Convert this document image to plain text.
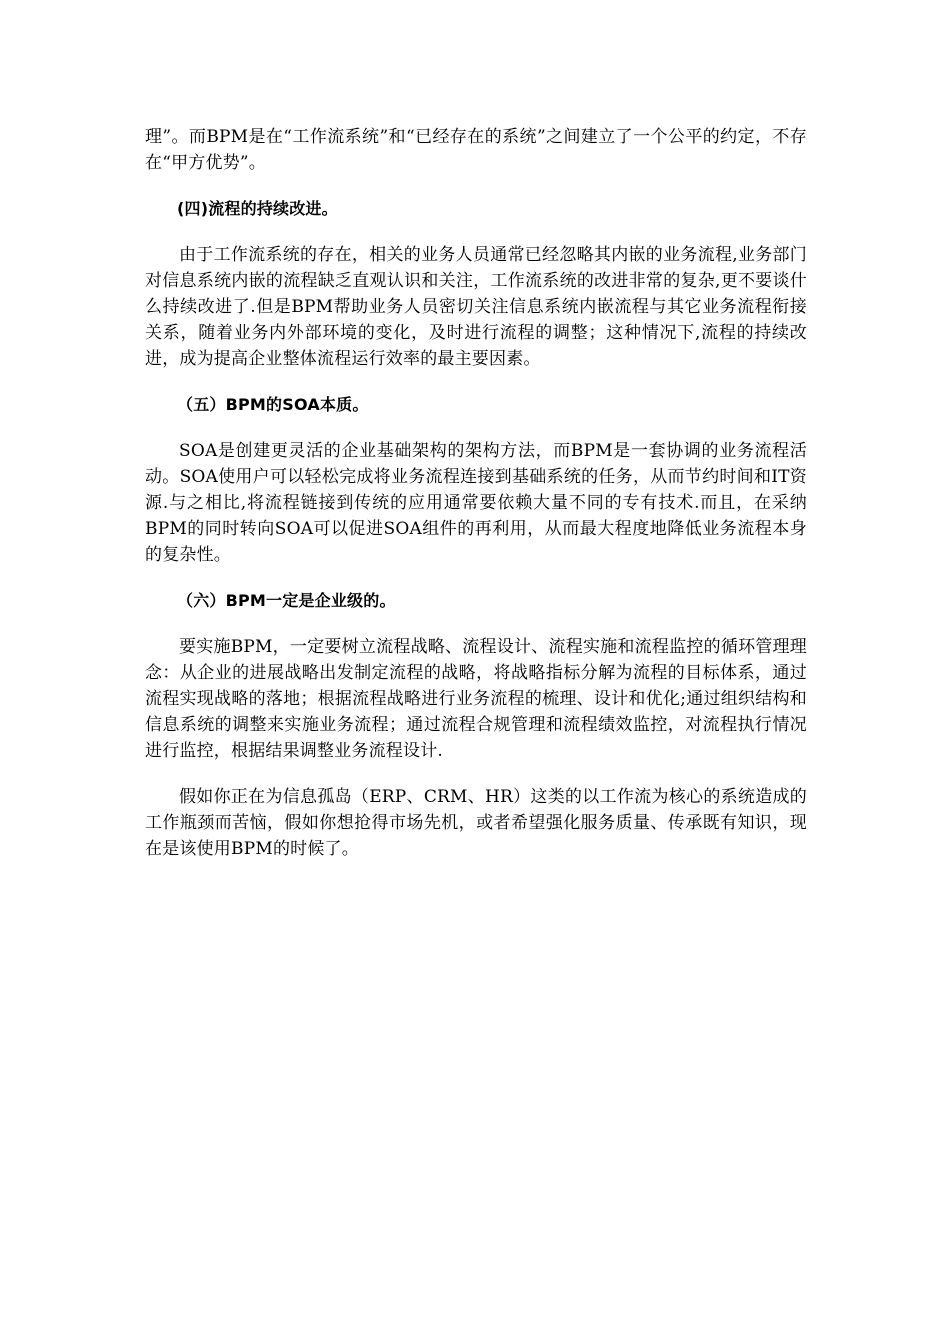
理”。而BPM是在“工作流系统”和“已经存在的系统”之间建立了一个公平的约定，不存在“甲方优势”。

(四)流程的持续改进。

由于工作流系统的存在，相关的业务人员通常已经忽略其内嵌的业务流程,业务部门对信息系统内嵌的流程缺乏直观认识和关注，工作流系统的改进非常的复杂,更不要谈什么持续改进了.但是BPM帮助业务人员密切关注信息系统内嵌流程与其它业务流程衔接关系，随着业务内外部环境的变化，及时进行流程的调整；这种情况下,流程的持续改进，成为提高企业整体流程运行效率的最主要因素。

（五）BPM的SOA本质。

SOA是创建更灵活的企业基础架构的架构方法，而BPM是一套协调的业务流程活动。SOA使用户可以轻松完成将业务流程连接到基础系统的任务，从而节约时间和IT资源.与之相比,将流程链接到传统的应用通常要依赖大量不同的专有技术.而且，在采纳BPM的同时转向SOA可以促进SOA组件的再利用，从而最大程度地降低业务流程本身的复杂性。

（六）BPM一定是企业级的。

要实施BPM，一定要树立流程战略、流程设计、流程实施和流程监控的循环管理理念：从企业的进展战略出发制定流程的战略，将战略指标分解为流程的目标体系，通过流程实现战略的落地；根据流程战略进行业务流程的梳理、设计和优化;通过组织结构和信息系统的调整来实施业务流程；通过流程合规管理和流程绩效监控，对流程执行情况进行监控，根据结果调整业务流程设计.

假如你正在为信息孤岛（ERP、CRM、HR）这类的以工作流为核心的系统造成的工作瓶颈而苦恼，假如你想抢得市场先机，或者希望强化服务质量、传承既有知识，现在是该使用BPM的时候了。
